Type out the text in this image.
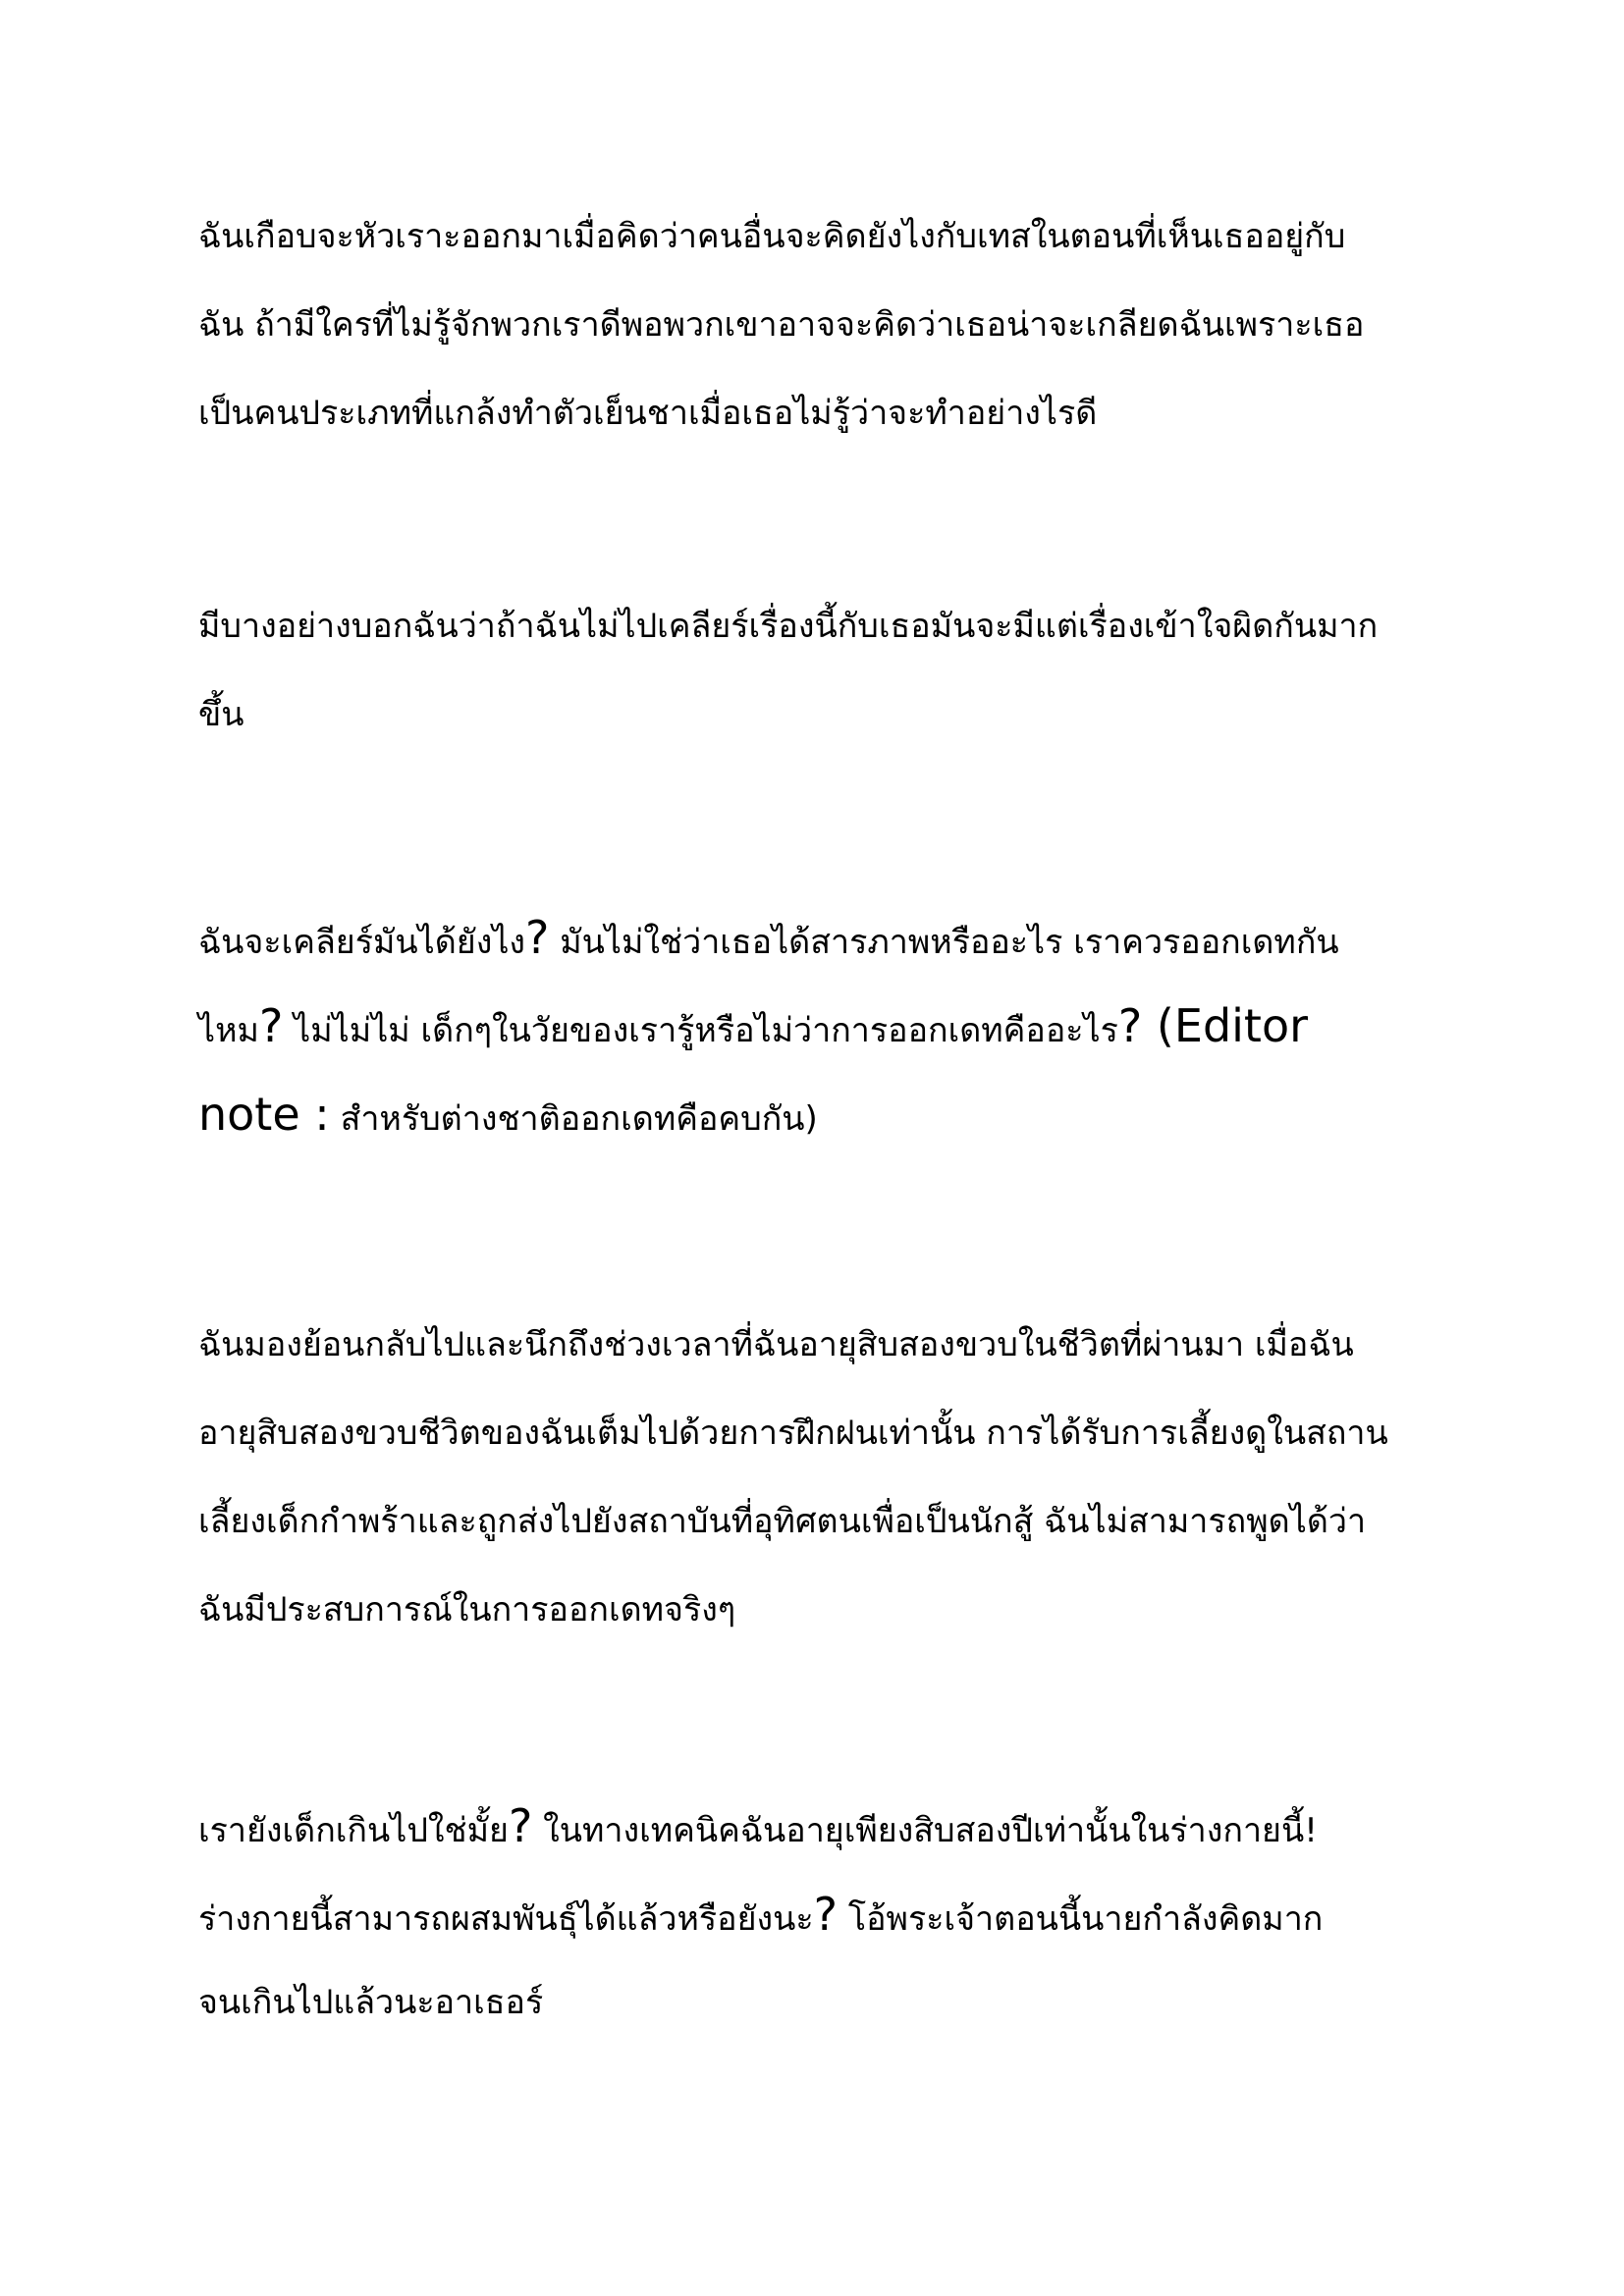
ฉันเกือบจะหัวเราะออกมาเมื่อคิดว่าคนอื่นจะคิดยังไงกับเทสในตอนที่เห็นเธออยู่กับ
ฉัน ถ้ามีใครที่ไม่รู้จักพวกเราดีพอพวกเขาอาจจะคิดว่าเธอน่าจะเกลียดฉันเพราะเธอ
เป็นคนประเภทที่แกล้งทำตัวเย็นชาเมื่อเธอไม่รู้ว่าจะทำอย่างไรดี

มีบางอย่างบอกฉันว่าถ้าฉันไม่ไปเคลียร์เรื่องนี้กับเธอมันจะมีแต่เรื่องเข้าใจผิดกันมาก
ขึ้น

ฉันจะเคลียร์มันได้ยังไง? มันไม่ใช่ว่าเธอได้สารภาพหรืออะไร เราควรออกเดทกัน
ไหม? ไม่ไม่ไม่ เด็กๆในวัยของเรารู้หรือไม่ว่าการออกเดทคืออะไร? (Editor
note : สำหรับต่างชาติออกเดทคือคบกัน)

ฉันมองย้อนกลับไปและนึกถึงช่วงเวลาที่ฉันอายุสิบสองขวบในชีวิตที่ผ่านมา เมื่อฉัน
อายุสิบสองขวบชีวิตของฉันเต็มไปด้วยการฝึกฝนเท่านั้น การได้รับการเลี้ยงดูในสถาน
เลี้ยงเด็กกำพร้าและถูกส่งไปยังสถาบันที่อุทิศตนเพื่อเป็นนักสู้ ฉันไม่สามารถพูดได้ว่า
ฉันมีประสบการณ์ในการออกเดทจริงๆ

เรายังเด็กเกินไปใช่มั้ย? ในทางเทคนิคฉันอายุเพียงสิบสองปีเท่านั้นในร่างกายนี้!
ร่างกายนี้สามารถผสมพันธุ์ได้แล้วหรือยังนะ? โอ้พระเจ้าตอนนี้นายกำลังคิดมาก
จนเกินไปแล้วนะอาเธอร์
